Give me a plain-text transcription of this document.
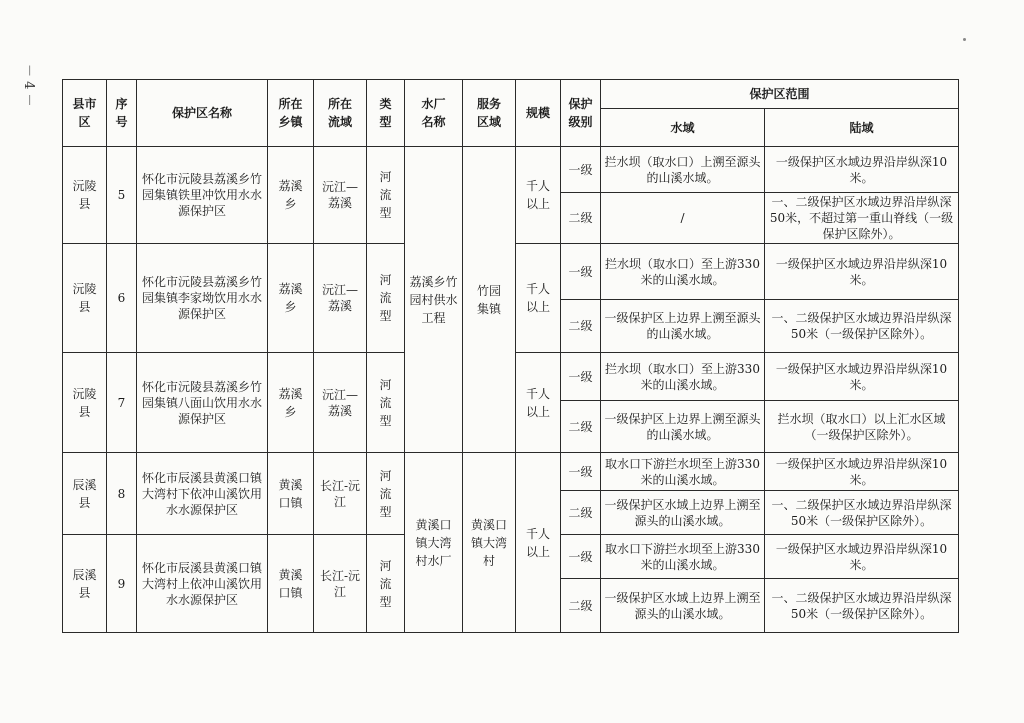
－ 4 －	县市区	序号	保护区名称	所在乡镇	所在流域	类型	水厂名称	服务区域	规模	保护级别	保护区范围	
										水域	陆域

沅陵县	5	怀化市沅陵县荔溪乡竹园集镇铁里冲饮用水水源保护区	荔溪乡	沅江—荔溪	河流型	荔溪乡竹园村供水工程	竹园集镇	千人以上	一级	拦水坝（取水口）上溯至源头的山溪水域。	一级保护区水域边界沿岸纵深10米。
									二级	/	一、二级保护区水域边界沿岸纵深50米，不超过第一重山脊线（一级保护区除外）。

沅陵县	6	怀化市沅陵县荔溪乡竹园集镇李家坳饮用水水源保护区	荔溪乡	沅江—荔溪	河流型			千人以上	一级	拦水坝（取水口）至上游330米的山溪水域。	一级保护区水域边界沿岸纵深10米。
									二级	一级保护区上边界上溯至源头的山溪水域。	一、二级保护区水域边界沿岸纵深50米（一级保护区除外）。

沅陵县	7	怀化市沅陵县荔溪乡竹园集镇八面山饮用水水源保护区	荔溪乡	沅江—荔溪	河流型			千人以上	一级	拦水坝（取水口）至上游330米的山溪水域。	一级保护区水域边界沿岸纵深10米。
									二级	一级保护区上边界上溯至源头的山溪水域。	拦水坝（取水口）以上汇水区域（一级保护区除外）。

辰溪县	8	怀化市辰溪县黄溪口镇大湾村下依冲山溪饮用水水源保护区	黄溪口镇	长江-沅江	河流型	黄溪口镇大湾村水厂	黄溪口镇大湾村	千人以上	一级	取水口下游拦水坝至上游330米的山溪水域。	一级保护区水域边界沿岸纵深10米。
									二级	一级保护区水域上边界上溯至源头的山溪水域。	一、二级保护区水域边界沿岸纵深50米（一级保护区除外）。

辰溪县	9	怀化市辰溪县黄溪口镇大湾村上依冲山溪饮用水水源保护区	黄溪口镇	长江-沅江	河流型				一级	取水口下游拦水坝至上游330米的山溪水域。	一级保护区水域边界沿岸纵深10米。
									二级	一级保护区水域上边界上溯至源头的山溪水域。	一、二级保护区水域边界沿岸纵深50米（一级保护区除外）。
